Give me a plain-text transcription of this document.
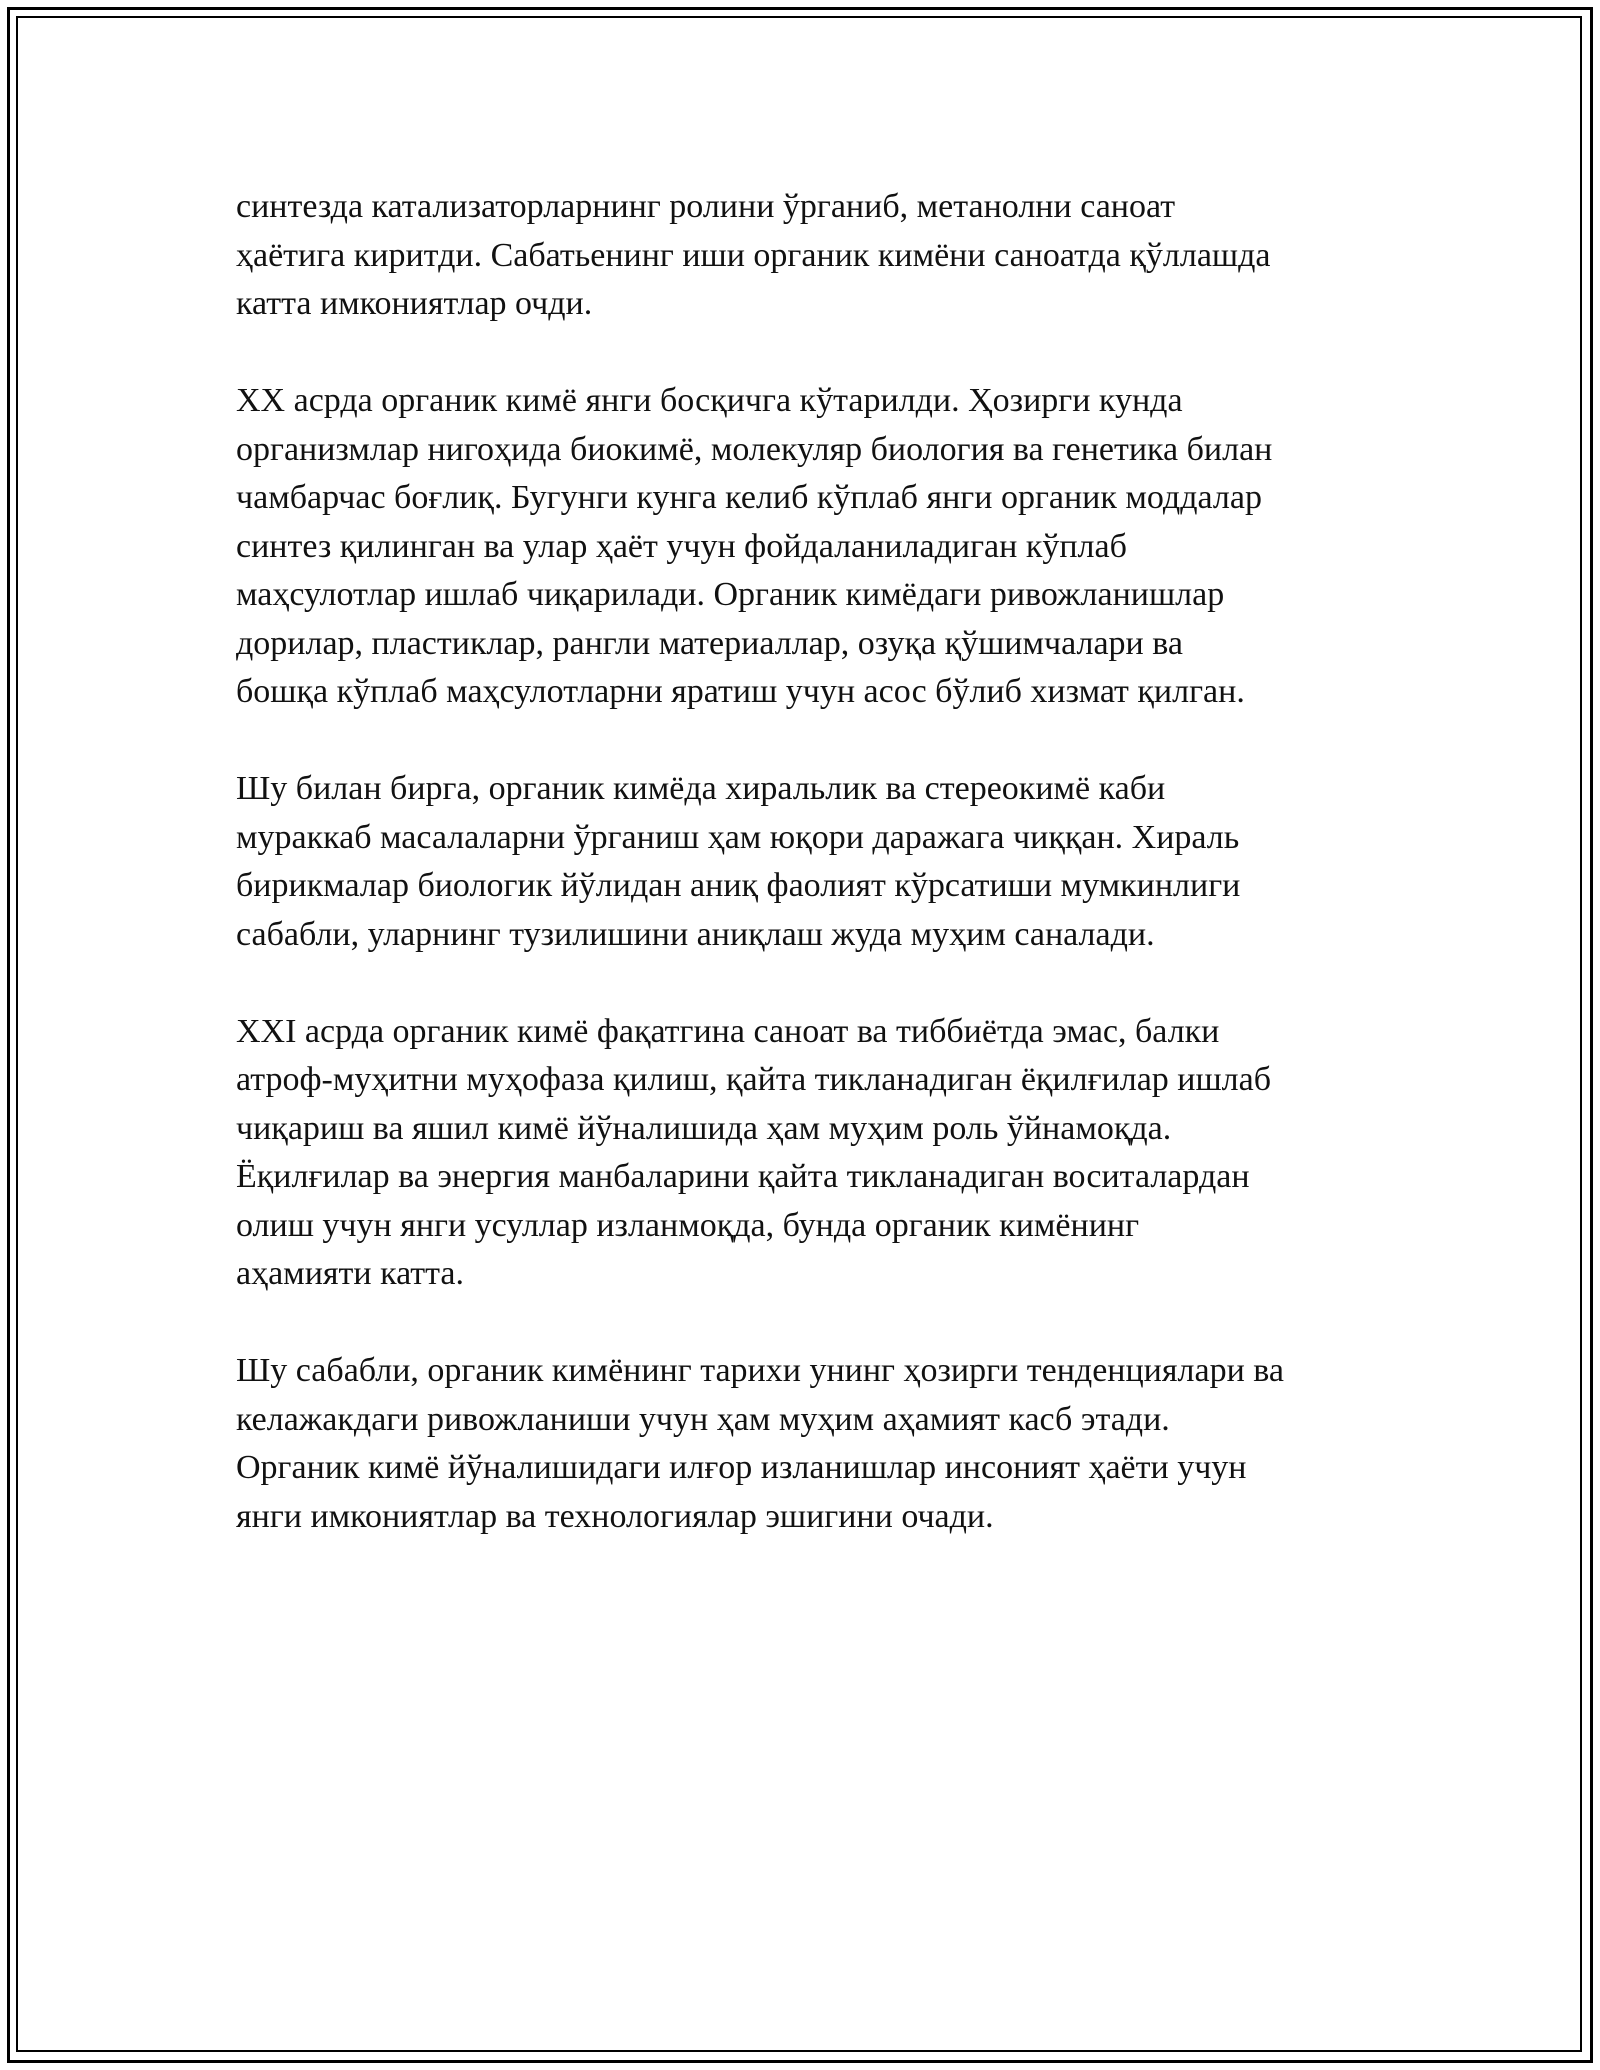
синтезда катализаторларнинг ролини ўрганиб, метанолни саноат
ҳаётига киритди. Сабатьенинг иши органик кимёни саноатда қўллашда
катта имкониятлар очди.

XX асрда органик кимё янги босқичга кўтарилди. Ҳозирги кунда
организмлар нигоҳида биокимё, молекуляр биология ва генетика билан
чамбарчас боғлиқ. Бугунги кунга келиб кўплаб янги органик моддалар
синтез қилинган ва улар ҳаёт учун фойдаланиладиган кўплаб
маҳсулотлар ишлаб чиқарилади. Органик кимёдаги ривожланишлар
дорилар, пластиклар, рангли материаллар, озуқа қўшимчалари ва
бошқа кўплаб маҳсулотларни яратиш учун асос бўлиб хизмат қилган.

Шу билан бирга, органик кимёда хиральлик ва стереокимё каби
мураккаб масалаларни ўрганиш ҳам юқори даражага чиққан. Хираль
бирикмалар биологик йўлидан аниқ фаолият кўрсатиши мумкинлиги
сабабли, уларнинг тузилишини аниқлаш жуда муҳим саналади.

XXI асрда органик кимё фақатгина саноат ва тиббиётда эмас, балки
атроф-муҳитни муҳофаза қилиш, қайта тикланадиган ёқилғилар ишлаб
чиқариш ва яшил кимё йўналишида ҳам муҳим роль ўйнамоқда.
Ёқилғилар ва энергия манбаларини қайта тикланадиган воситалардан
олиш учун янги усуллар изланмоқда, бунда органик кимёнинг
аҳамияти катта.

Шу сабабли, органик кимёнинг тарихи унинг ҳозирги тенденциялари ва
келажакдаги ривожланиши учун ҳам муҳим аҳамият касб этади.
Органик кимё йўналишидаги илғор изланишлар инсоният ҳаёти учун
янги имкониятлар ва технологиялар эшигини очади.
